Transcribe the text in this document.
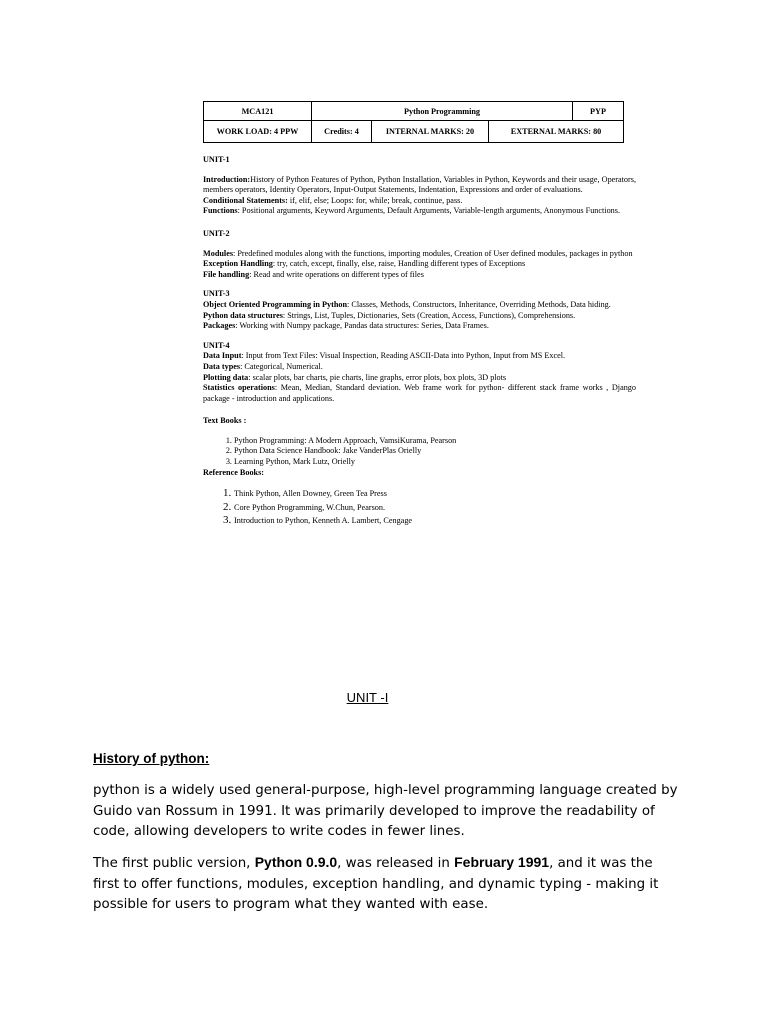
MCA121	Python Programming			PYP
WORK LOAD: 4 PPW	Credits: 4	INTERNAL MARKS: 20	EXTERNAL MARKS: 80	

UNIT-1

Introduction:History of Python Features of Python, Python Installation, Variables in Python, Keywords and their usage, Operators, members operators, Identity Operators, Input-Output Statements, Indentation, Expressions and order of evaluations.

Conditional Statements: if, elif, else; Loops: for, while; break, continue, pass.

Functions: Positional arguments, Keyword Arguments, Default Arguments, Variable-length arguments, Anonymous Functions.

UNIT-2

Modules: Predefined modules along with the functions, importing modules, Creation of User defined modules, packages in python

Exception Handling: try, catch, except, finally, else, raise, Handling different types of Exceptions

File handling: Read and write operations on different types of files

UNIT-3

Object Oriented Programming in Python: Classes, Methods, Constructors, Inheritance, Overriding Methods, Data hiding.

Python data structures: Strings, List, Tuples, Dictionaries, Sets (Creation, Access, Functions), Comprehensions.

Packages: Working with Numpy package, Pandas data structures: Series, Data Frames.

UNIT-4

Data Input: Input from Text Files: Visual Inspection, Reading ASCII-Data into Python, Input from MS Excel.

Data types: Categorical, Numerical.

Plotting data: scalar plots, bar charts, pie charts, line graphs, error plots, box plots, 3D plots

Statistics operations: Mean, Median, Standard deviation. Web frame work for python- different stack frame works , Django package - introduction and applications.

Text Books :

1. Python Programming: A Modern Approach, VamsiKurama, Pearson
2. Python Data Science Handbook: Jake VanderPlas Orielly
3. Learning Python, Mark Lutz, Orielly

Reference Books:

1. Think Python, Allen Downey, Green Tea Press
2. Core Python Programming, W.Chun, Pearson.
3. Introduction to Python, Kenneth A. Lambert, Cengage
UNIT -I
History of python:

python is a widely used general-purpose, high-level programming language created by Guido van Rossum in 1991. It was primarily developed to improve the readability of code, allowing developers to write codes in fewer lines.

The first public version, Python 0.9.0, was released in February 1991, and it was the first to offer functions, modules, exception handling, and dynamic typing - making it possible for users to program what they wanted with ease.
